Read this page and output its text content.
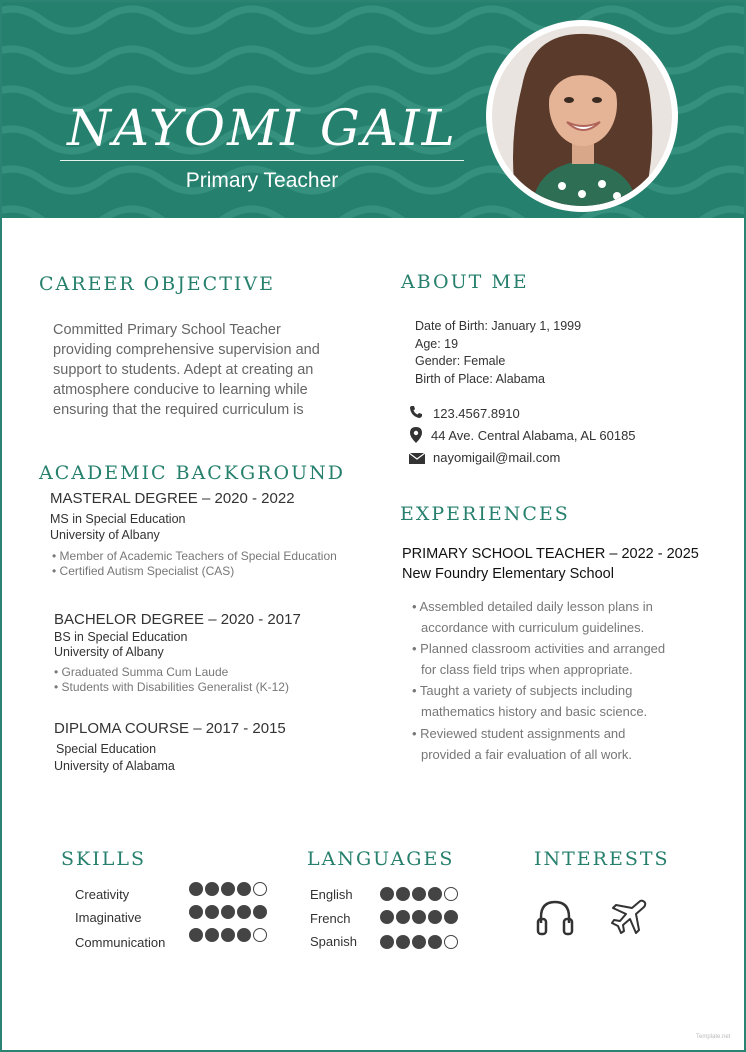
NAYOMI GAIL
Primary Teacher
CAREER OBJECTIVE
Committed Primary School Teacher
providing comprehensive supervision and
support to students. Adept at creating an
atmosphere conducive to learning while
ensuring that the required curriculum is
ACADEMIC BACKGROUND
MASTERAL DEGREE – 2020 - 2022
MS in Special Education
University of Albany
• Member of Academic Teachers of Special Education
• Certified Autism Specialist (CAS)
BACHELOR DEGREE – 2020 - 2017
BS in Special Education
University of Albany
• Graduated Summa Cum Laude
• Students with Disabilities Generalist (K-12)
DIPLOMA COURSE – 2017 - 2015
Special Education
University of Alabama
ABOUT ME
Date of Birth: January 1, 1999
Age: 19
Gender: Female
Birth of Place: Alabama
123.4567.8910
44 Ave. Central Alabama, AL 60185
nayomigail@mail.com
EXPERIENCES
PRIMARY SCHOOL TEACHER – 2022 - 2025
New Foundry Elementary School
• Assembled detailed daily lesson plans in
accordance with curriculum guidelines.
• Planned classroom activities and arranged
for class field trips when appropriate.
• Taught a variety of subjects including
mathematics history and basic science.
• Reviewed student assignments and
provided a fair evaluation of all work.
SKILLS
Creativity
Imaginative
Communication
LANGUAGES
English
French
Spanish
INTERESTS
Template.net
